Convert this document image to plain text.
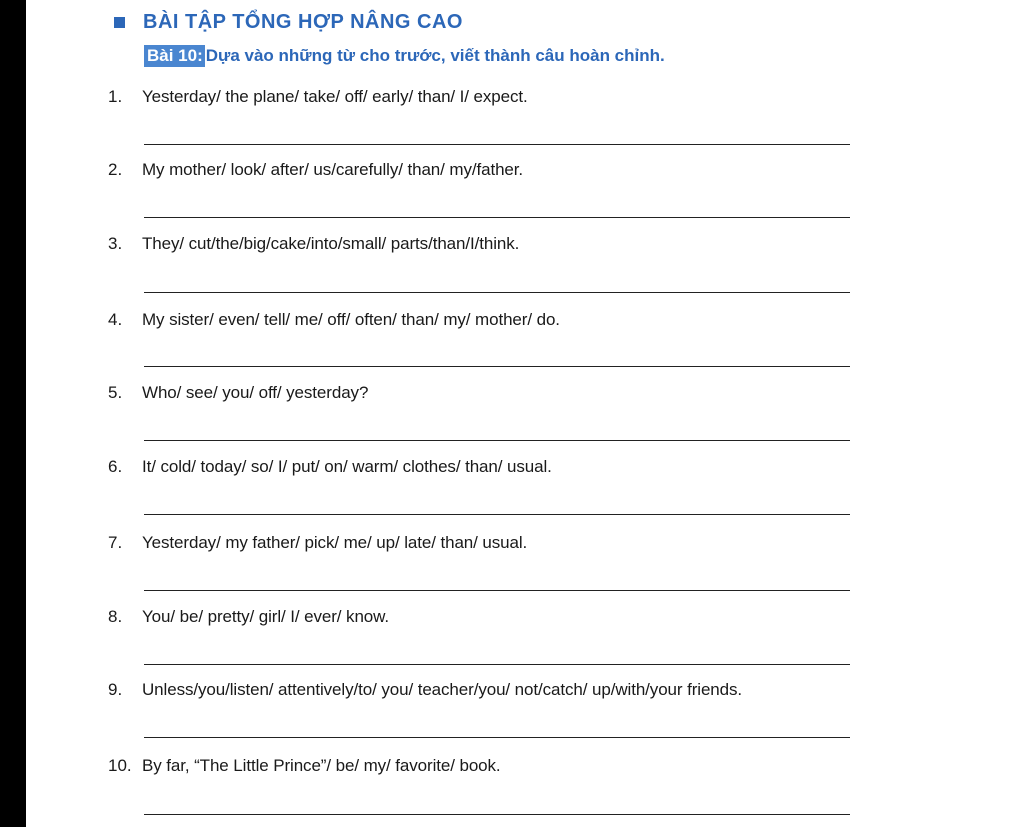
BÀI TẬP TỔNG HỢP NÂNG CAO
Bài 10: Dựa vào những từ cho trước, viết thành câu hoàn chỉnh.
1.	Yesterday/ the plane/ take/ off/ early/ than/ I/ expect.
2.	My mother/ look/ after/ us/carefully/ than/ my/father.
3.	They/ cut/the/big/cake/into/small/ parts/than/I/think.
4.	My sister/ even/ tell/ me/ off/ often/ than/ my/ mother/ do.
5.	Who/ see/ you/ off/ yesterday?
6.	It/ cold/ today/ so/ I/ put/ on/ warm/ clothes/ than/ usual.
7.	Yesterday/ my father/ pick/ me/ up/ late/ than/ usual.
8.	You/ be/ pretty/ girl/ I/ ever/ know.
9.	Unless/you/listen/ attentively/to/ you/ teacher/you/ not/catch/ up/with/your friends.
10. By far, “The Little Prince”/ be/ my/ favorite/ book.
